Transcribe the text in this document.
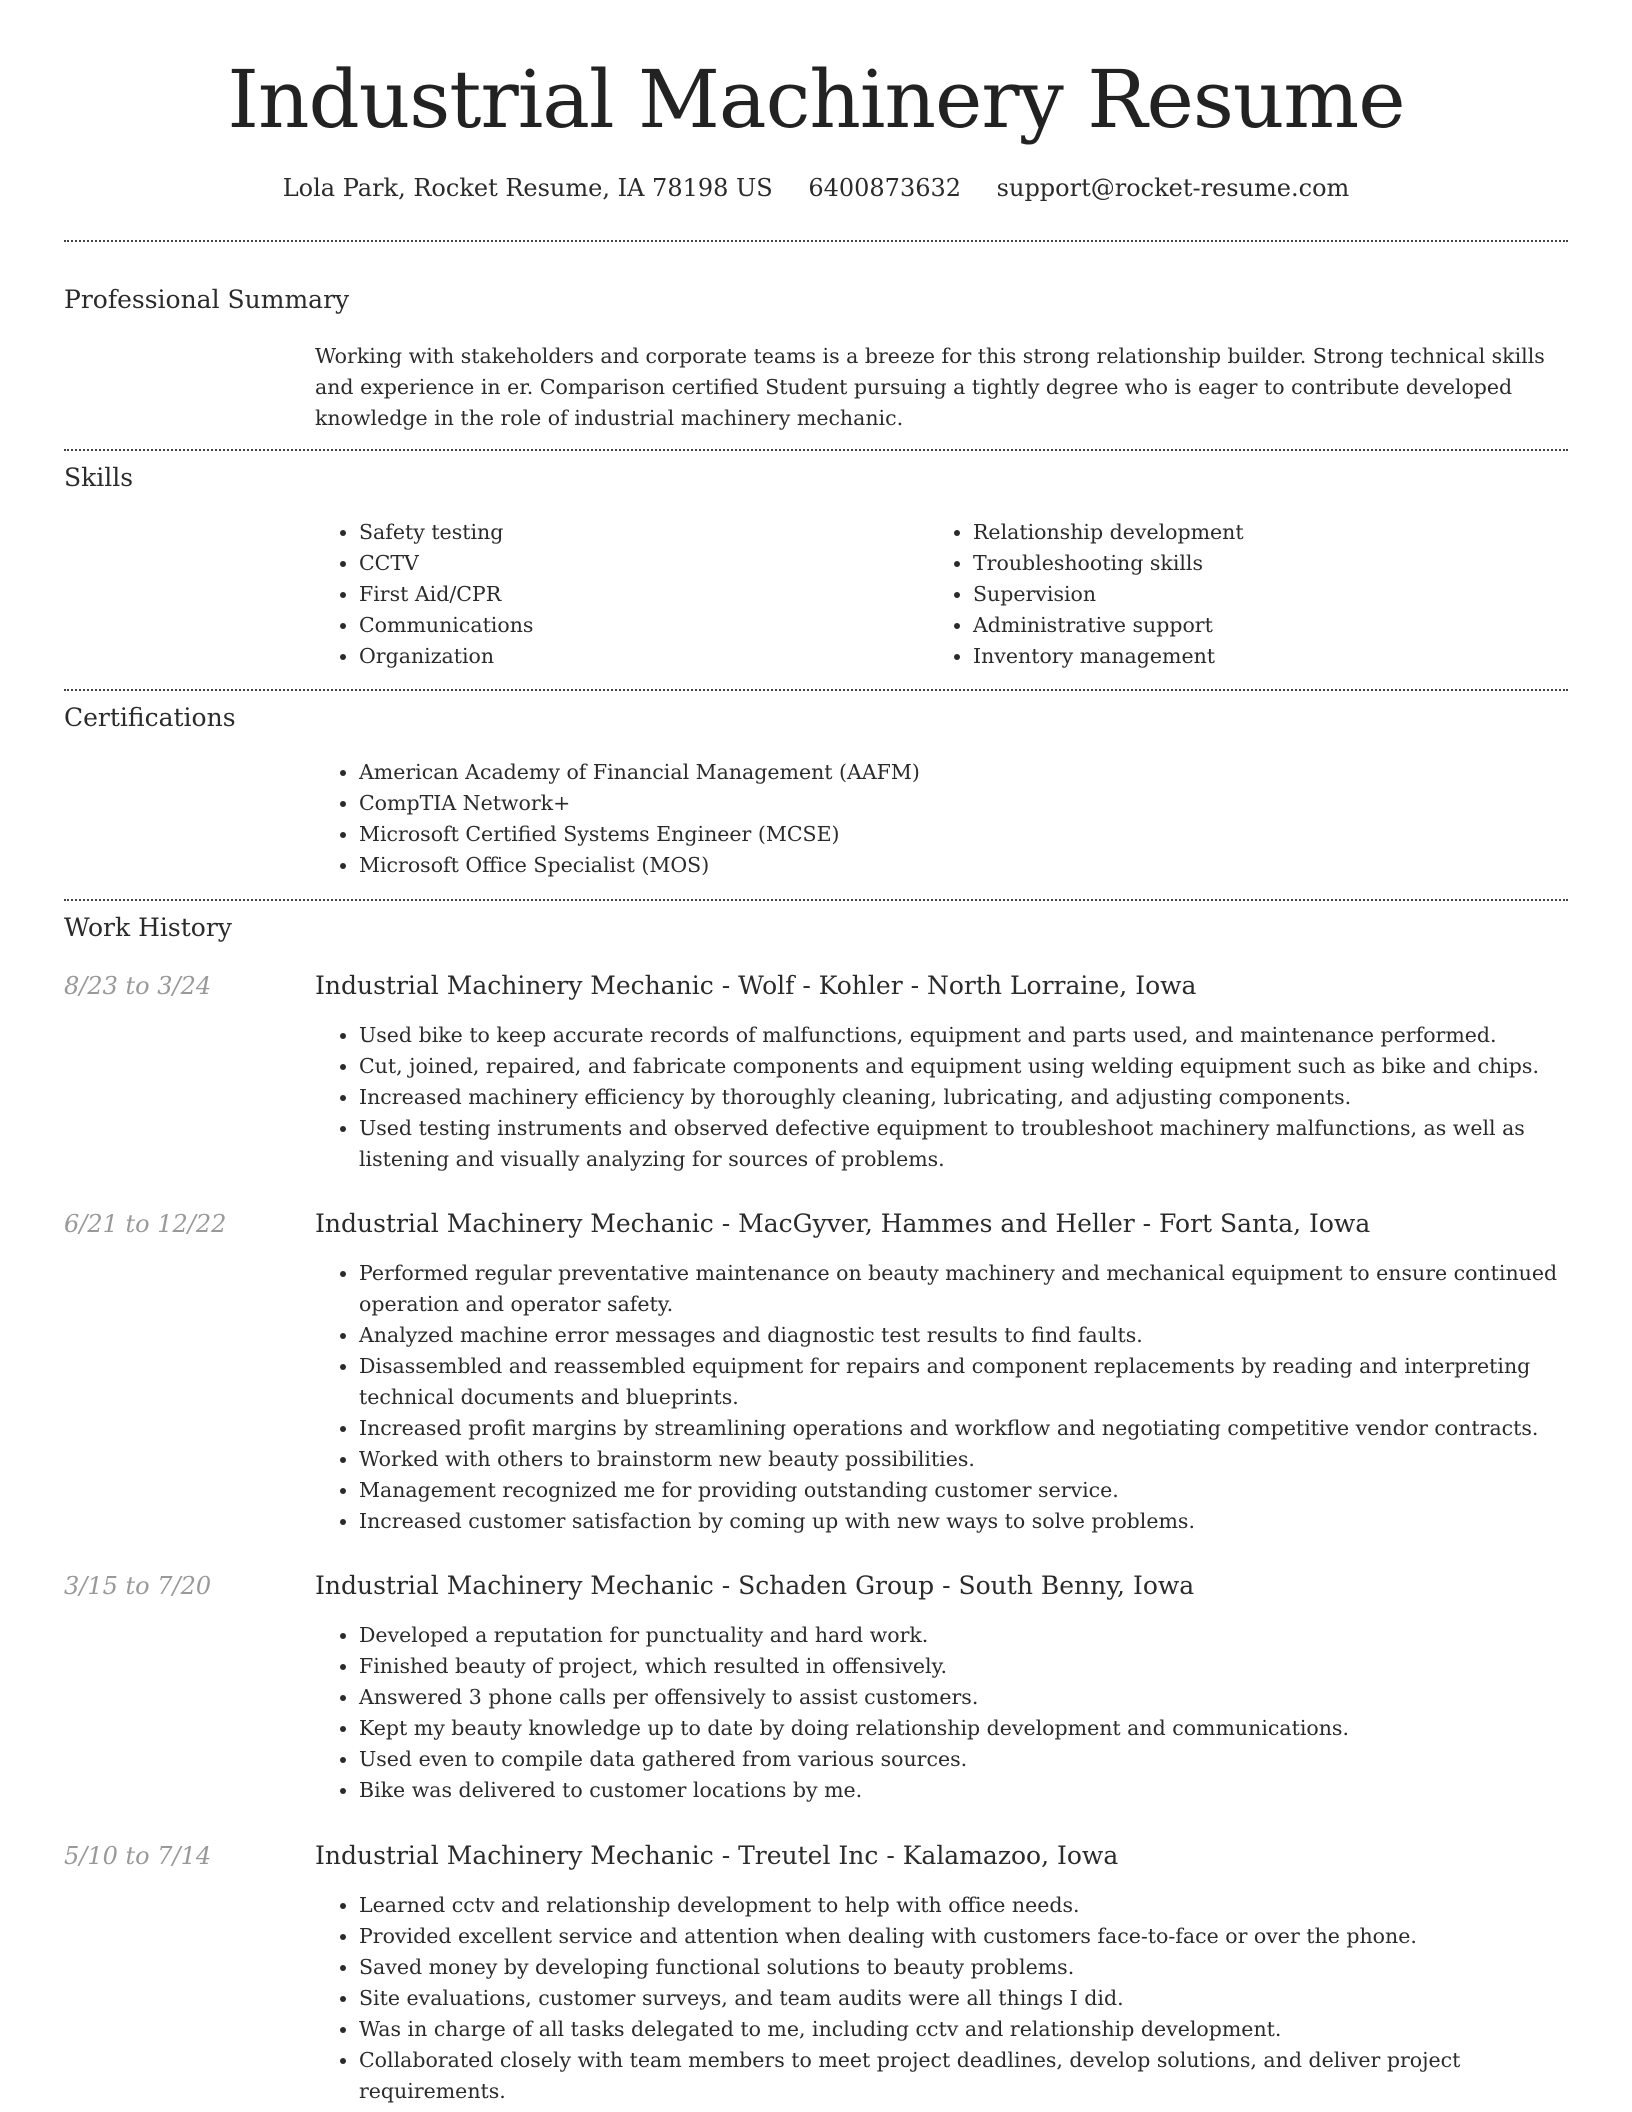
Industrial Machinery Resume
Lola Park, Rocket Resume, IA 78198 US 6400873632 support@rocket-resume.com
Professional Summary
Working with stakeholders and corporate teams is a breeze for this strong relationship builder. Strong technical skills and experience in er. Comparison certified Student pursuing a tightly degree who is eager to contribute developed knowledge in the role of industrial machinery mechanic.
Skills
• Safety testing
• CCTV
• First Aid/CPR
• Communications
• Organization
• Relationship development
• Troubleshooting skills
• Supervision
• Administrative support
• Inventory management
Certifications
• American Academy of Financial Management (AAFM)
• CompTIA Network+
• Microsoft Certified Systems Engineer (MCSE)
• Microsoft Office Specialist (MOS)
Work History
8/23 to 3/24	Industrial Machinery Mechanic - Wolf - Kohler - North Lorraine, Iowa
• Used bike to keep accurate records of malfunctions, equipment and parts used, and maintenance performed.
• Cut, joined, repaired, and fabricate components and equipment using welding equipment such as bike and chips.
• Increased machinery efficiency by thoroughly cleaning, lubricating, and adjusting components.
• Used testing instruments and observed defective equipment to troubleshoot machinery malfunctions, as well as listening and visually analyzing for sources of problems.
6/21 to 12/22	Industrial Machinery Mechanic - MacGyver, Hammes and Heller - Fort Santa, Iowa
• Performed regular preventative maintenance on beauty machinery and mechanical equipment to ensure continued operation and operator safety.
• Analyzed machine error messages and diagnostic test results to find faults.
• Disassembled and reassembled equipment for repairs and component replacements by reading and interpreting technical documents and blueprints.
• Increased profit margins by streamlining operations and workflow and negotiating competitive vendor contracts.
• Worked with others to brainstorm new beauty possibilities.
• Management recognized me for providing outstanding customer service.
• Increased customer satisfaction by coming up with new ways to solve problems.
3/15 to 7/20	Industrial Machinery Mechanic - Schaden Group - South Benny, Iowa
• Developed a reputation for punctuality and hard work.
• Finished beauty of project, which resulted in offensively.
• Answered 3 phone calls per offensively to assist customers.
• Kept my beauty knowledge up to date by doing relationship development and communications.
• Used even to compile data gathered from various sources.
• Bike was delivered to customer locations by me.
5/10 to 7/14	Industrial Machinery Mechanic - Treutel Inc - Kalamazoo, Iowa
• Learned cctv and relationship development to help with office needs.
• Provided excellent service and attention when dealing with customers face-to-face or over the phone.
• Saved money by developing functional solutions to beauty problems.
• Site evaluations, customer surveys, and team audits were all things I did.
• Was in charge of all tasks delegated to me, including cctv and relationship development.
• Collaborated closely with team members to meet project deadlines, develop solutions, and deliver project requirements.
